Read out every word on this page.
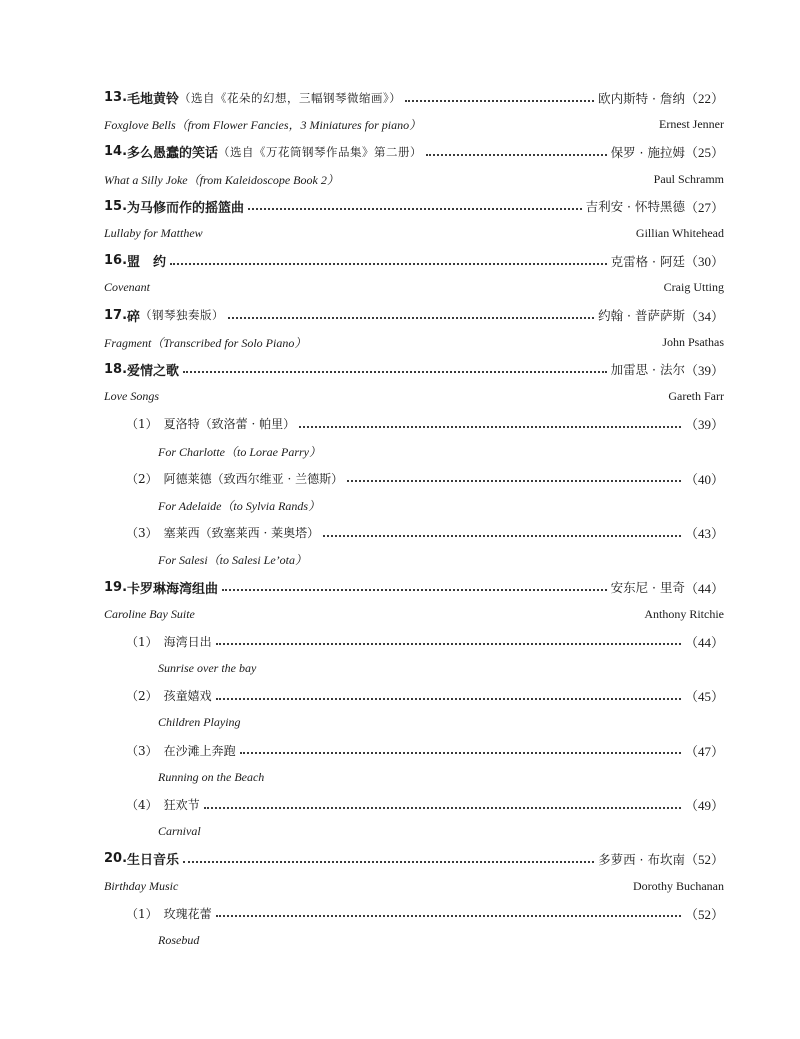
13. 毛地黄铃 （选自《花朵的幻想，三幅钢琴微缩画》）	欧内斯特 · 詹纳 （22）
Foxglove Bells（from Flower Fancies，3 Miniatures for piano）	Ernest Jenner
14. 多么愚蠢的笑话 （选自《万花筒钢琴作品集》第二册）	保罗 · 施拉姆 （25）
What a Silly Joke（from Kaleidoscope Book 2）	Paul Schramm
15. 为马修而作的摇篮曲	吉利安 · 怀特黑德 （27）
Lullaby for Matthew	Gillian Whitehead
16. 盟　约	克雷格 · 阿廷 （30）
Covenant	Craig Utting
17. 碎 （钢琴独奏版）	约翰 · 普萨萨斯 （34）
Fragment（Transcribed for Solo Piano）	John Psathas
18. 爱情之歌	加雷思 · 法尔 （39）
Love Songs	Gareth Farr
（1） 夏洛特（致洛蕾 · 帕里）	（39）
For Charlotte（to Lorae Parry）
（2） 阿德莱德（致西尔维亚 · 兰德斯）	（40）
For Adelaide（to Sylvia Rands）
（3） 塞莱西（致塞莱西 · 莱奥塔）	（43）
For Salesi（to Salesi Le’ota）
19. 卡罗琳海湾组曲	安东尼 · 里奇 （44）
Caroline Bay Suite	Anthony Ritchie
（1） 海湾日出	（44）
Sunrise over the bay
（2） 孩童嬉戏	（45）
Children Playing
（3） 在沙滩上奔跑	（47）
Running on the Beach
（4） 狂欢节	（49）
Carnival
20. 生日音乐	多萝西 · 布坎南 （52）
Birthday Music	Dorothy Buchanan
（1） 玫瑰花蕾	（52）
Rosebud
